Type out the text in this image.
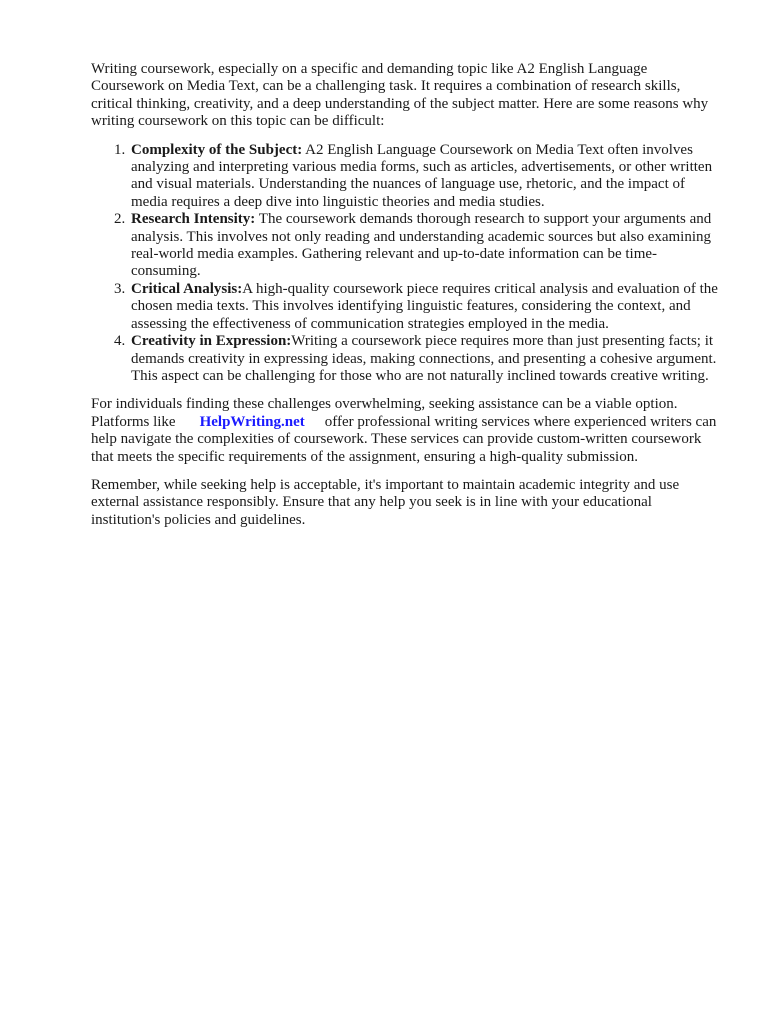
Writing coursework, especially on a specific and demanding topic like A2 English Language Coursework on Media Text, can be a challenging task. It requires a combination of research skills, critical thinking, creativity, and a deep understanding of the subject matter. Here are some reasons why writing coursework on this topic can be difficult:

1. Complexity of the Subject: A2 English Language Coursework on Media Text often involves analyzing and interpreting various media forms, such as articles, advertisements, or other written and visual materials. Understanding the nuances of language use, rhetoric, and the impact of media requires a deep dive into linguistic theories and media studies.
2. Research Intensity: The coursework demands thorough research to support your arguments and analysis. This involves not only reading and understanding academic sources but also examining real-world media examples. Gathering relevant and up-to-date information can be time-consuming.
3. Critical Analysis:A high-quality coursework piece requires critical analysis and evaluation of the chosen media texts. This involves identifying linguistic features, considering the context, and assessing the effectiveness of communication strategies employed in the media.
4. Creativity in Expression:Writing a coursework piece requires more than just presenting facts; it demands creativity in expressing ideas, making connections, and presenting a cohesive argument. This aspect can be challenging for those who are not naturally inclined towards creative writing.

For individuals finding these challenges overwhelming, seeking assistance can be a viable option. Platforms like HelpWriting.net offer professional writing services where experienced writers can help navigate the complexities of coursework. These services can provide custom-written coursework that meets the specific requirements of the assignment, ensuring a high-quality submission.

Remember, while seeking help is acceptable, it's important to maintain academic integrity and use external assistance responsibly. Ensure that any help you seek is in line with your educational institution's policies and guidelines.
